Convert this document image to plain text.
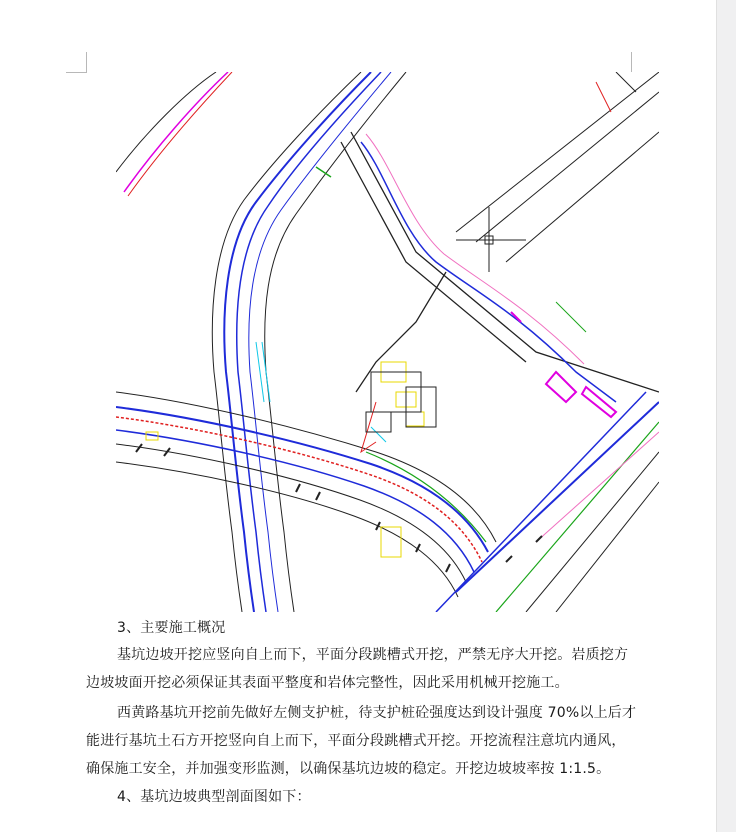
3、主要施工概况
基坑边坡开挖应竖向自上而下，平面分段跳槽式开挖，严禁无序大开挖。岩质挖方
边坡坡面开挖必须保证其表面平整度和岩体完整性，因此采用机械开挖施工。
西黄路基坑开挖前先做好左侧支护桩，待支护桩砼强度达到设计强度 70%以上后才
能进行基坑土石方开挖竖向自上而下，平面分段跳槽式开挖。开挖流程注意坑内通风，
确保施工安全，并加强变形监测，以确保基坑边坡的稳定。开挖边坡坡率按 1:1.5。
4、基坑边坡典型剖面图如下：
